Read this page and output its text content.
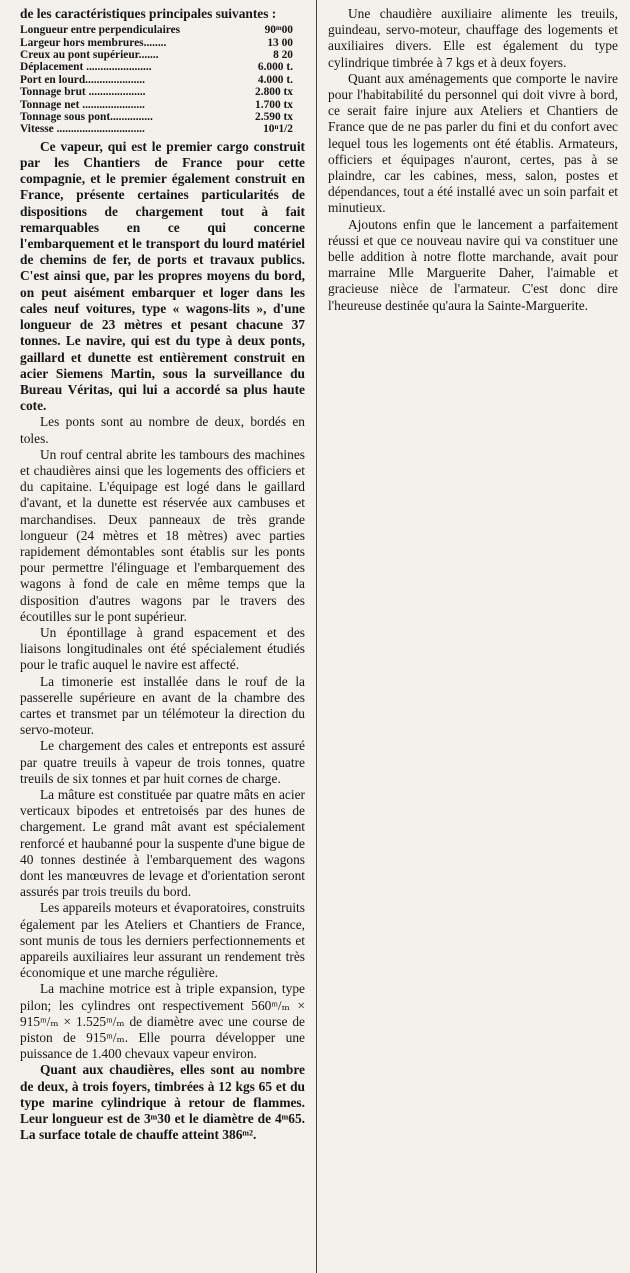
de les caractéristiques principales suivantes :

Longueur entre perpendiculaires	90ᵐ00
Largeur hors membrures........	13 00
Creux au pont supérieur.......	8 20
Déplacement .......................	6.000 t.
Port en lourd.....................	4.000 t.
Tonnage brut ....................	2.800 tx
Tonnage net ......................	1.700 tx
Tonnage sous pont...............	2.590 tx
Vitesse ...............................	10ⁿ1/2

Ce vapeur, qui est le premier cargo construit par les Chantiers de France pour cette compagnie, et le premier également construit en France, présente certaines particularités de dispositions de chargement tout à fait remarquables en ce qui concerne l'embarquement et le transport du lourd matériel de chemins de fer, de ports et travaux publics. C'est ainsi que, par les propres moyens du bord, on peut aisément embarquer et loger dans les cales neuf voitures, type « wagons-lits », d'une longueur de 23 mètres et pesant chacune 37 tonnes. Le navire, qui est du type à deux ponts, gaillard et dunette est entièrement construit en acier Siemens Martin, sous la surveillance du Bureau Véritas, qui lui a accordé sa plus haute cote.

Les ponts sont au nombre de deux, bordés en toles.

Un rouf central abrite les tambours des machines et chaudières ainsi que les logements des officiers et du capitaine. L'équipage est logé dans le gaillard d'avant, et la dunette est réservée aux cambuses et marchandises. Deux panneaux de très grande longueur (24 mètres et 18 mètres) avec parties rapidement démontables sont établis sur les ponts pour permettre l'élinguage et l'embarquement des wagons à fond de cale en même temps que la disposition d'autres wagons par le travers des écoutilles sur le pont supérieur.

Un épontillage à grand espacement et des liaisons longitudinales ont été spécialement étudiés pour le trafic auquel le navire est affecté.

La timonerie est installée dans le rouf de la passerelle supérieure en avant de la chambre des cartes et transmet par un télémoteur la direction du servo-moteur.

Le chargement des cales et entreponts est assuré par quatre treuils à vapeur de trois tonnes, quatre treuils de six tonnes et par huit cornes de charge.

La mâture est constituée par quatre mâts en acier verticaux bipodes et entretoisés par des hunes de chargement. Le grand mât avant est spécialement renforcé et haubanné pour la suspente d'une bigue de 40 tonnes destinée à l'embarquement des wagons dont les manœuvres de levage et d'orientation seront assurés par trois treuils du bord.

Les appareils moteurs et évaporatoires, construits également par les Ateliers et Chantiers de France, sont munis de tous les derniers perfectionnements et appareils auxiliaires leur assurant un rendement très économique et une marche régulière.

La machine motrice est à triple expansion, type pilon; les cylindres ont respectivement 560ᵐ/ₘ × 915ᵐ/ₘ × 1.525ᵐ/ₘ de diamètre avec une course de piston de 915ᵐ/ₘ. Elle pourra développer une puissance de 1.400 chevaux vapeur environ.

Quant aux chaudières, elles sont au nombre de deux, à trois foyers, timbrées à 12 kgs 65 et du type marine cylindrique à retour de flammes. Leur longueur est de 3ᵐ30 et le diamètre de 4ᵐ65. La surface totale de chauffe atteint 386ᵐ².

Une chaudière auxiliaire alimente les treuils, guindeau, servo-moteur, chauffage des logements et auxiliaires divers. Elle est également du type cylindrique timbrée à 7 kgs et à deux foyers.

Quant aux aménagements que comporte le navire pour l'habitabilité du personnel qui doit vivre à bord, ce serait faire injure aux Ateliers et Chantiers de France que de ne pas parler du fini et du confort avec lequel tous les logements ont été établis. Armateurs, officiers et équipages n'auront, certes, pas à se plaindre, car les cabines, mess, salon, postes et dépendances, tout a été installé avec un soin parfait et minutieux.

Ajoutons enfin que le lancement a parfaitement réussi et que ce nouveau navire qui va constituer une belle addition à notre flotte marchande, avait pour marraine Mlle Marguerite Daher, l'aimable et gracieuse nièce de l'armateur. C'est donc dire l'heureuse destinée qu'aura la Sainte-Marguerite.
